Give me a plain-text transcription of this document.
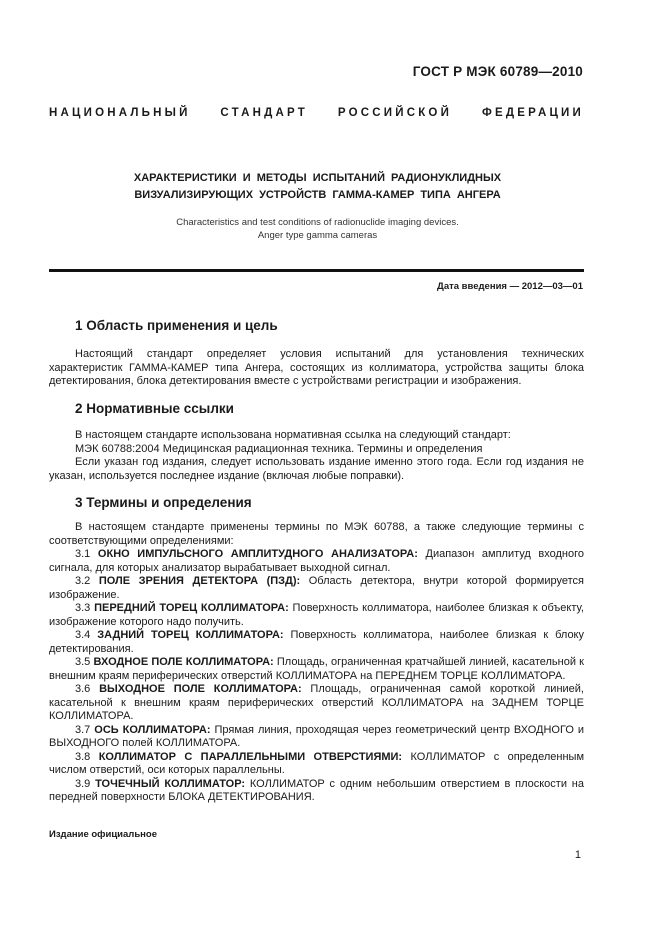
ГОСТ Р МЭК 60789—2010
НАЦИОНАЛЬНЫЙ СТАНДАРТ РОССИЙСКОЙ ФЕДЕРАЦИИ
ХАРАКТЕРИСТИКИ И МЕТОДЫ ИСПЫТАНИЙ РАДИОНУКЛИДНЫХ
ВИЗУАЛИЗИРУЮЩИХ УСТРОЙСТВ ГАММА-КАМЕР ТИПА АНГЕРА
Characteristics and test conditions of radionuclide imaging devices.
Anger type gamma cameras
Дата введения — 2012—03—01
1 Область применения и цель
Настоящий стандарт определяет условия испытаний для установления технических характеристик ГАММА-КАМЕР типа Ангера, состоящих из коллиматора, устройства защиты блока детектирования, блока детектирования вместе с устройствами регистрации и изображения.
2 Нормативные ссылки
В настоящем стандарте использована нормативная ссылка на следующий стандарт:
МЭК 60788:2004 Медицинская радиационная техника. Термины и определения
Если указан год издания, следует использовать издание именно этого года. Если год издания не указан, используется последнее издание (включая любые поправки).
3 Термины и определения
В настоящем стандарте применены термины по МЭК 60788, а также следующие термины с соответствующими определениями:
3.1 ОКНО ИМПУЛЬСНОГО АМПЛИТУДНОГО АНАЛИЗАТОРА: Диапазон амплитуд входного сигнала, для которых анализатор вырабатывает выходной сигнал.
3.2 ПОЛЕ ЗРЕНИЯ ДЕТЕКТОРА (ПЗД): Область детектора, внутри которой формируется изображение.
3.3 ПЕРЕДНИЙ ТОРЕЦ КОЛЛИМАТОРА: Поверхность коллиматора, наиболее близкая к объекту, изображение которого надо получить.
3.4 ЗАДНИЙ ТОРЕЦ КОЛЛИМАТОРА: Поверхность коллиматора, наиболее близкая к блоку детектирования.
3.5 ВХОДНОЕ ПОЛЕ КОЛЛИМАТОРА: Площадь, ограниченная кратчайшей линией, касательной к внешним краям периферических отверстий КОЛЛИМАТОРА на ПЕРЕДНЕМ ТОРЦЕ КОЛЛИМАТОРА.
3.6 ВЫХОДНОЕ ПОЛЕ КОЛЛИМАТОРА: Площадь, ограниченная самой короткой линией, касательной к внешним краям периферических отверстий КОЛЛИМАТОРА на ЗАДНЕМ ТОРЦЕ КОЛЛИМАТОРА.
3.7 ОСЬ КОЛЛИМАТОРА: Прямая линия, проходящая через геометрический центр ВХОДНОГО и ВЫХОДНОГО полей КОЛЛИМАТОРА.
3.8 КОЛЛИМАТОР С ПАРАЛЛЕЛЬНЫМИ ОТВЕРСТИЯМИ: КОЛЛИМАТОР с определенным числом отверстий, оси которых параллельны.
3.9 ТОЧЕЧНЫЙ КОЛЛИМАТОР: КОЛЛИМАТОР с одним небольшим отверстием в плоскости на передней поверхности БЛОКА ДЕТЕКТИРОВАНИЯ.
Издание официальное
1
